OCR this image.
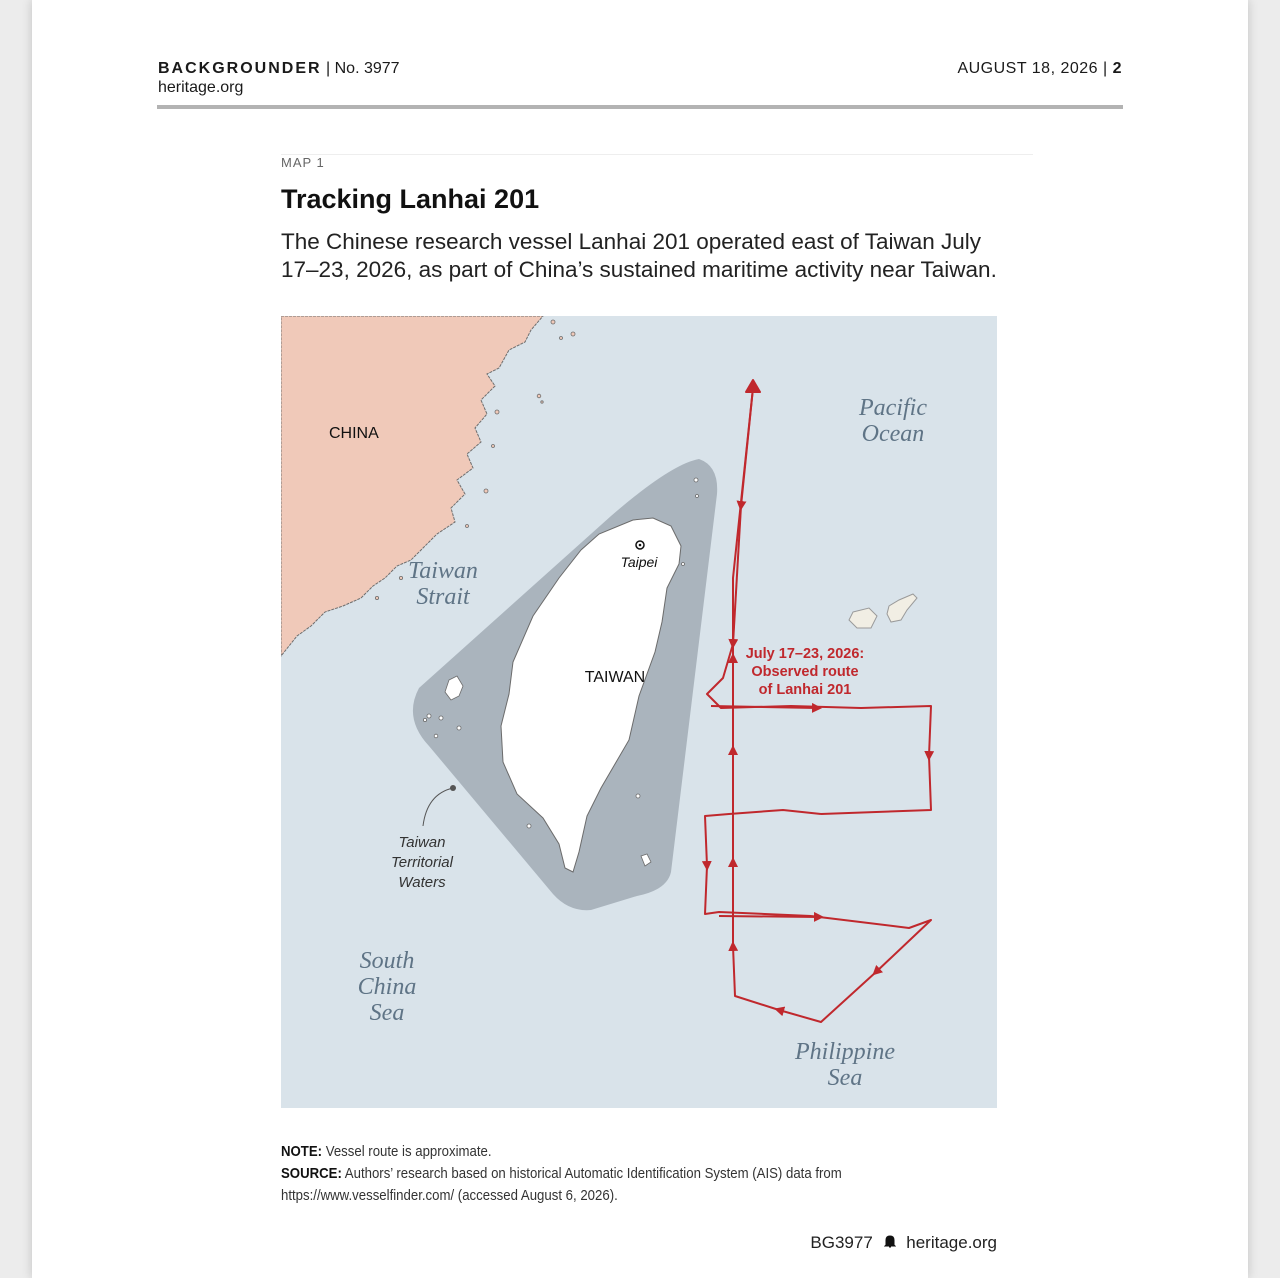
BACKGROUNDER | No. 3977
heritage.org
AUGUST 18, 2026 | 2
MAP 1
Tracking Lanhai 201
The Chinese research vessel Lanhai 201 operated east of Taiwan July 17–23, 2026, as part of China’s sustained maritime activity near Taiwan.
CHINA
TAIWAN
Taipei
Taiwan
Strait
Pacific
Ocean
South
China
Sea
Philippine
Sea
Taiwan
Territorial
Waters
July 17–23, 2026:
Observed route
of Lanhai 201
NOTE: Vessel route is approximate.
SOURCE: Authors’ research based on historical Automatic Identification System (AIS) data from https://www.vesselfinder.com/ (accessed August 6, 2026).
BG3977 heritage.org
